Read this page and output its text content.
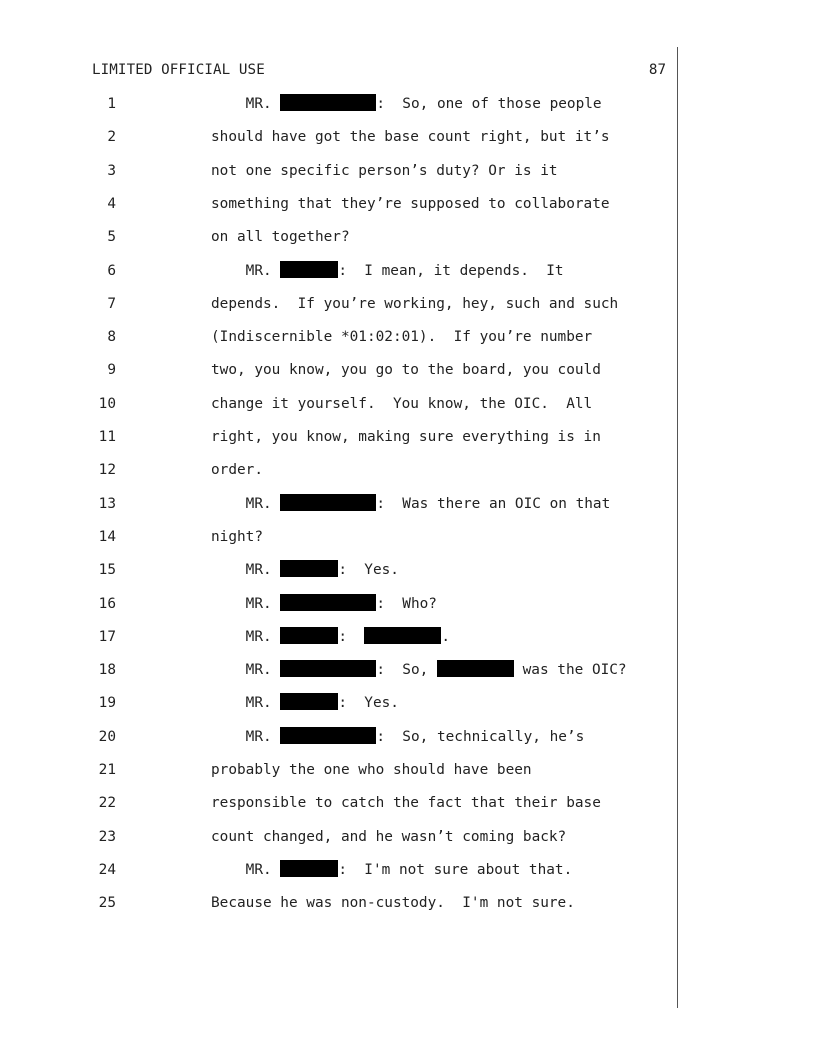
LIMITED OFFICIAL USE	87
1	MR.	:  So, one of those people
2	should have got the base count right, but it’s
3	not one specific person’s duty? Or is it
4	something that they’re supposed to collaborate
5	on all together?
6	MR.	:  I mean, it depends.  It
7	depends.  If you’re working, hey, such and such
8	(Indiscernible *01:02:01).  If you’re number
9	two, you know, you go to the board, you could
10	change it yourself.  You know, the OIC.  All
11	right, you know, making sure everything is in
12	order.
13	MR.	:  Was there an OIC on that
14	night?
15	MR.	:  Yes.
16	MR.	:  Who?
17	MR.	:	.
18	MR.	:  So,	was the OIC?
19	MR.	:  Yes.
20	MR.	:  So, technically, he’s
21	probably the one who should have been
22	responsible to catch the fact that their base
23	count changed, and he wasn’t coming back?
24	MR.	:  I'm not sure about that.
25	Because he was non-custody.  I'm not sure.
